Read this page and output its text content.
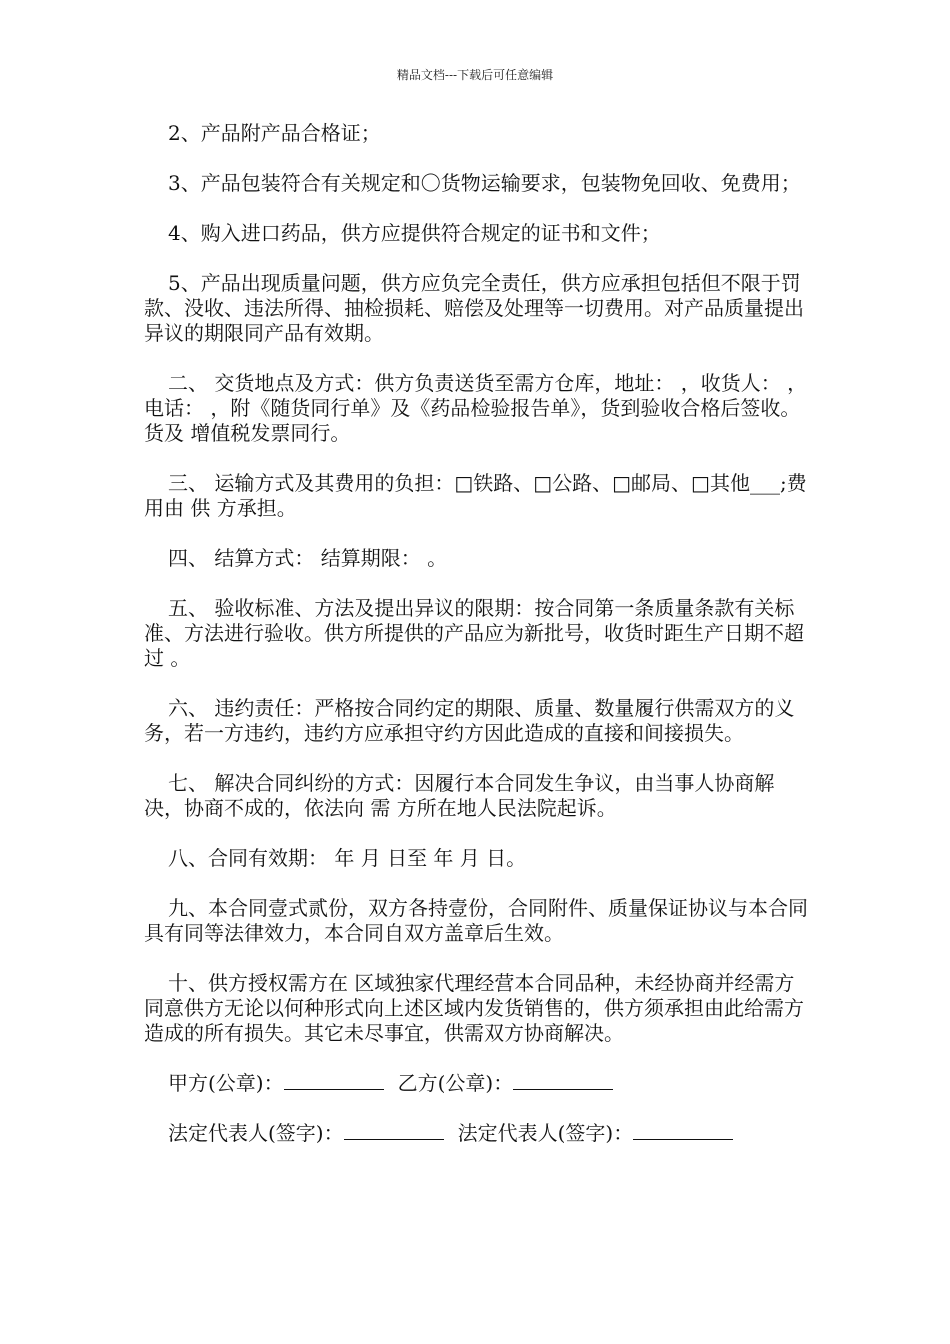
精品文档---下载后可任意编辑

2、产品附产品合格证；

3、产品包装符合有关规定和〇货物运输要求，包装物免回收、免费用；

4、购入进口药品，供方应提供符合规定的证书和文件；

5、产品出现质量问题，供方应负完全责任，供方应承担包括但不限于罚款、没收、违法所得、抽检损耗、赔偿及处理等一切费用。对产品质量提出异议的期限同产品有效期。

二、 交货地点及方式：供方负责送货至需方仓库，地址： ，收货人： ，电话： ，附《随货同行单》及《药品检验报告单》，货到验收合格后签收。 货及 增值税发票同行。

三、 运输方式及其费用的负担：□铁路、□公路、□邮局、□其他___;费用由 供 方承担。

四、 结算方式： 结算期限： 。

五、 验收标准、方法及提出异议的限期：按合同第一条质量条款有关标准、方法进行验收。供方所提供的产品应为新批号，收货时距生产日期不超过 。

六、 违约责任：严格按合同约定的期限、质量、数量履行供需双方的义务，若一方违约，违约方应承担守约方因此造成的直接和间接损失。

七、 解决合同纠纷的方式：因履行本合同发生争议，由当事人协商解决，协商不成的，依法向 需 方所在地人民法院起诉。

八、合同有效期： 年 月 日至 年 月 日。

九、本合同壹式贰份，双方各持壹份，合同附件、质量保证协议与本合同具有同等法律效力，本合同自双方盖章后生效。

十、供方授权需方在 区域独家代理经营本合同品种，未经协商并经需方同意供方无论以何种形式向上述区域内发货销售的，供方须承担由此给需方造成的所有损失。其它未尽事宜，供需双方协商解决。

甲方(公章)：	乙方(公章)：
法定代表人(签字)：	法定代表人(签字)：
